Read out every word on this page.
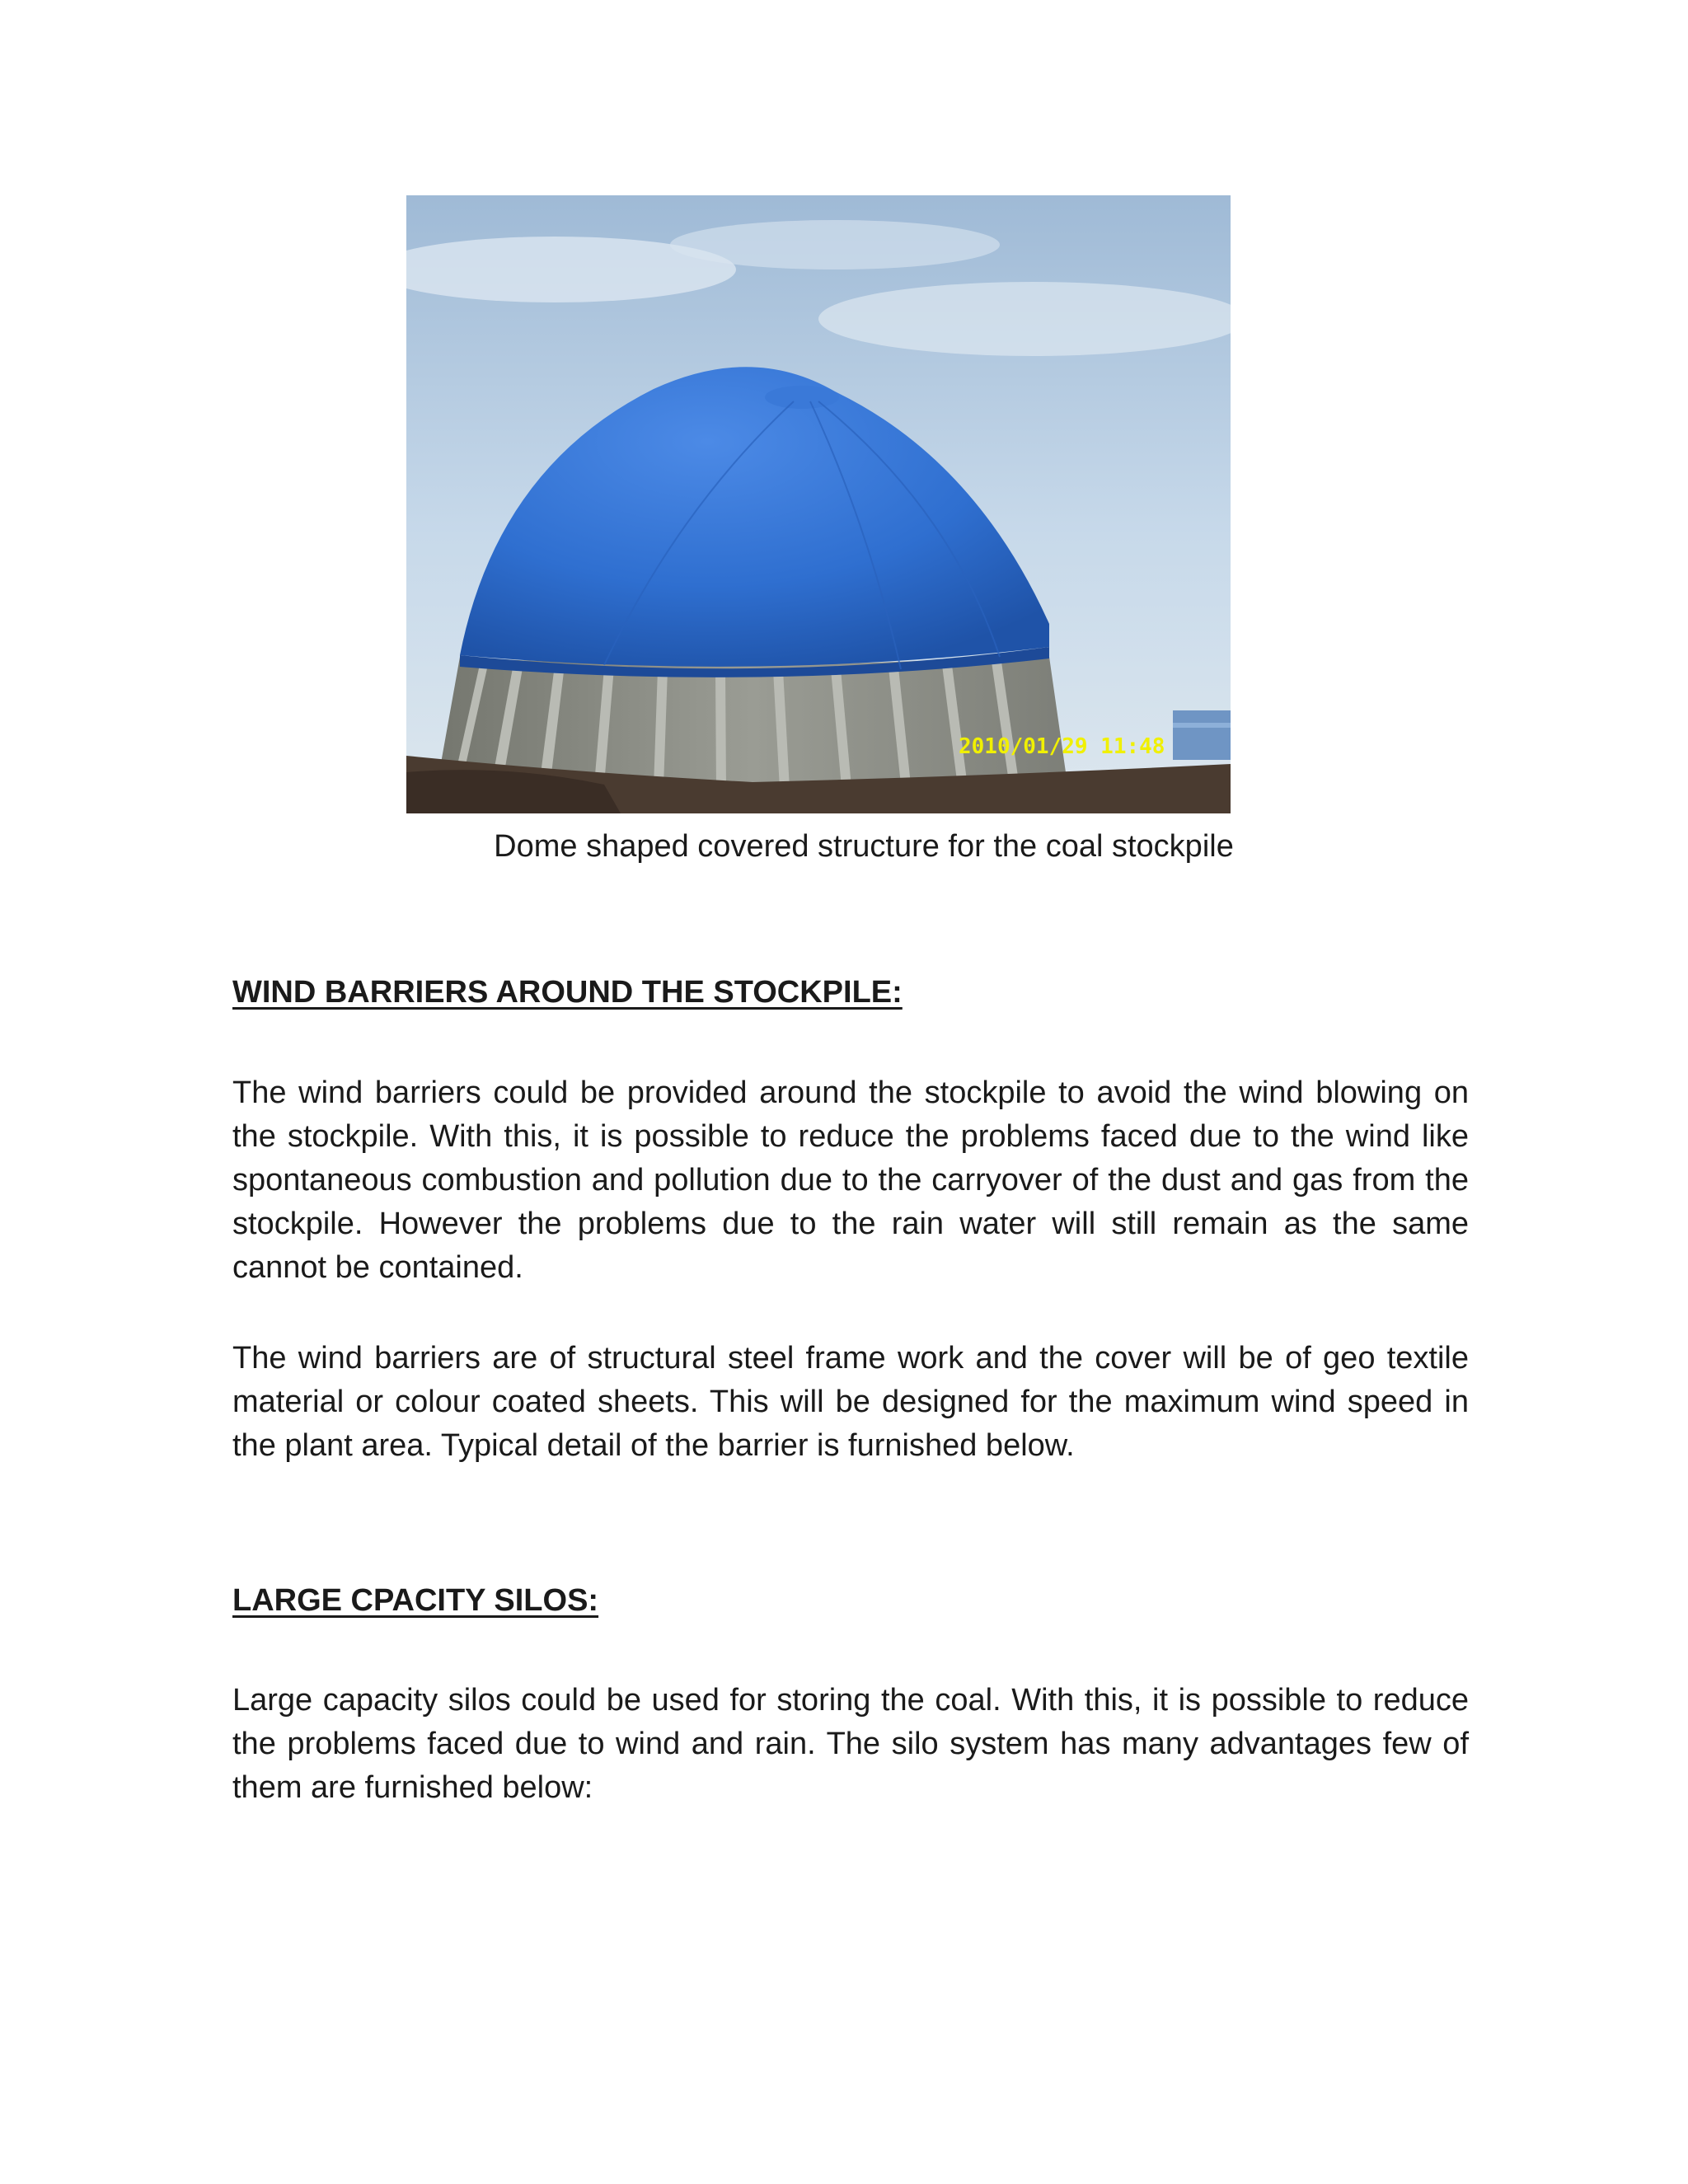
2010/01/29 11:48
Dome shaped covered structure for the coal stockpile
WIND BARRIERS AROUND THE STOCKPILE:

The wind barriers could be provided around the stockpile to avoid the wind blowing on the stockpile. With this, it is possible to reduce the problems faced due to the wind like spontaneous combustion and pollution due to the carryover of the dust and gas from the stockpile. However the problems due to the rain water will still remain as the same cannot be contained.

The wind barriers are of structural steel frame work and the cover will be of geo textile material or colour coated sheets. This will be designed for the maximum wind speed in the plant area. Typical detail of the barrier is furnished below.

LARGE CPACITY SILOS:

Large capacity silos could be used for storing the coal. With this, it is possible to reduce the problems faced due to wind and rain. The silo system has many advantages few of them are furnished below:
